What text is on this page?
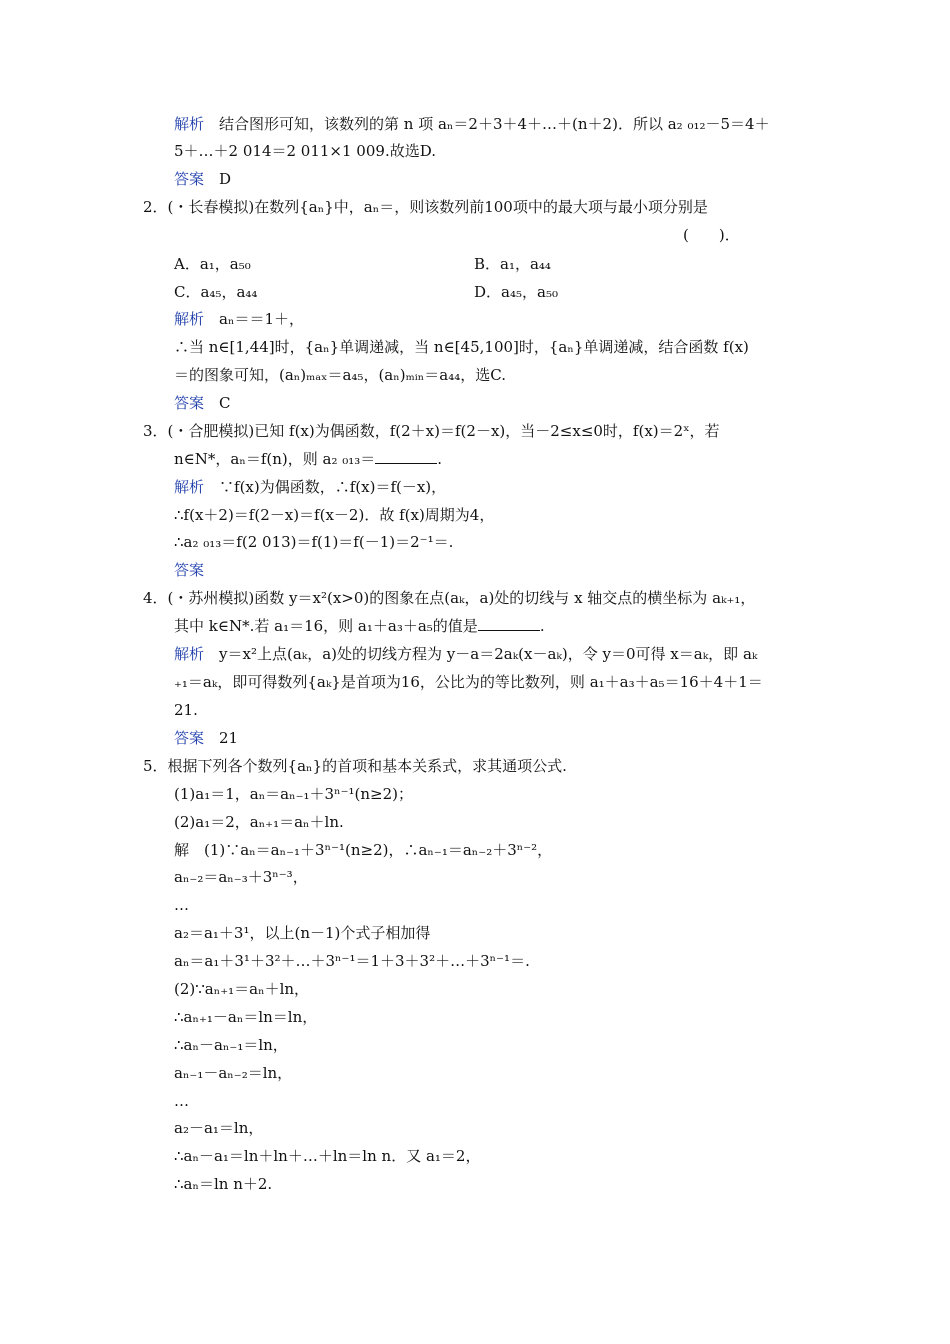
解析　结合图形可知，该数列的第 n 项 aₙ＝2＋3＋4＋…＋(n＋2)．所以 a₂ ₀₁₂－5＝4＋
5＋…＋2 014＝2 011×1 009.故选D.
答案　D
2．(・长春模拟)在数列{aₙ}中，aₙ＝，则该数列前100项中的最大项与最小项分别是
(　　)．
A．a₁，a₅₀	B．a₁，a₄₄
C．a₄₅，a₄₄	D．a₄₅，a₅₀
解析　aₙ＝＝1＋，
∴当 n∈[1,44]时，{aₙ}单调递减，当 n∈[45,100]时，{aₙ}单调递减，结合函数 f(x)
＝的图象可知，(aₙ)ₘₐₓ＝a₄₅，(aₙ)ₘᵢₙ＝a₄₄，选C.
答案　C
3．(・合肥模拟)已知 f(x)为偶函数，f(2＋x)＝f(2－x)，当－2≤x≤0时，f(x)＝2ˣ，若
n∈N*，aₙ＝f(n)，则 a₂ ₀₁₃＝	.
解析　∵f(x)为偶函数，∴f(x)＝f(－x)，
∴f(x＋2)＝f(2－x)＝f(x－2)．故 f(x)周期为4，
∴a₂ ₀₁₃＝f(2 013)＝f(1)＝f(－1)＝2⁻¹＝.
答案
4．(・苏州模拟)函数 y＝x²(x>0)的图象在点(aₖ，a)处的切线与 x 轴交点的横坐标为 aₖ₊₁，
其中 k∈N*.若 a₁＝16，则 a₁＋a₃＋a₅的值是	.
解析　y＝x²上点(aₖ，a)处的切线方程为 y－a＝2aₖ(x－aₖ)，令 y＝0可得 x＝aₖ，即 aₖ
₊₁＝aₖ，即可得数列{aₖ}是首项为16，公比为的等比数列，则 a₁＋a₃＋a₅＝16＋4＋1＝
21.
答案　21
5．根据下列各个数列{aₙ}的首项和基本关系式，求其通项公式.
(1)a₁＝1，aₙ＝aₙ₋₁＋3ⁿ⁻¹(n≥2)；
(2)a₁＝2，aₙ₊₁＝aₙ＋ln.
解　(1)∵aₙ＝aₙ₋₁＋3ⁿ⁻¹(n≥2)，∴aₙ₋₁＝aₙ₋₂＋3ⁿ⁻²，
aₙ₋₂＝aₙ₋₃＋3ⁿ⁻³，
…
a₂＝a₁＋3¹，以上(n－1)个式子相加得
aₙ＝a₁＋3¹＋3²＋…＋3ⁿ⁻¹＝1＋3＋3²＋…＋3ⁿ⁻¹＝.
(2)∵aₙ₊₁＝aₙ＋ln，
∴aₙ₊₁－aₙ＝ln＝ln，
∴aₙ－aₙ₋₁＝ln，
aₙ₋₁－aₙ₋₂＝ln，
…
a₂－a₁＝ln，
∴aₙ－a₁＝ln＋ln＋…＋ln＝ln n．又 a₁＝2，
∴aₙ＝ln n＋2.
